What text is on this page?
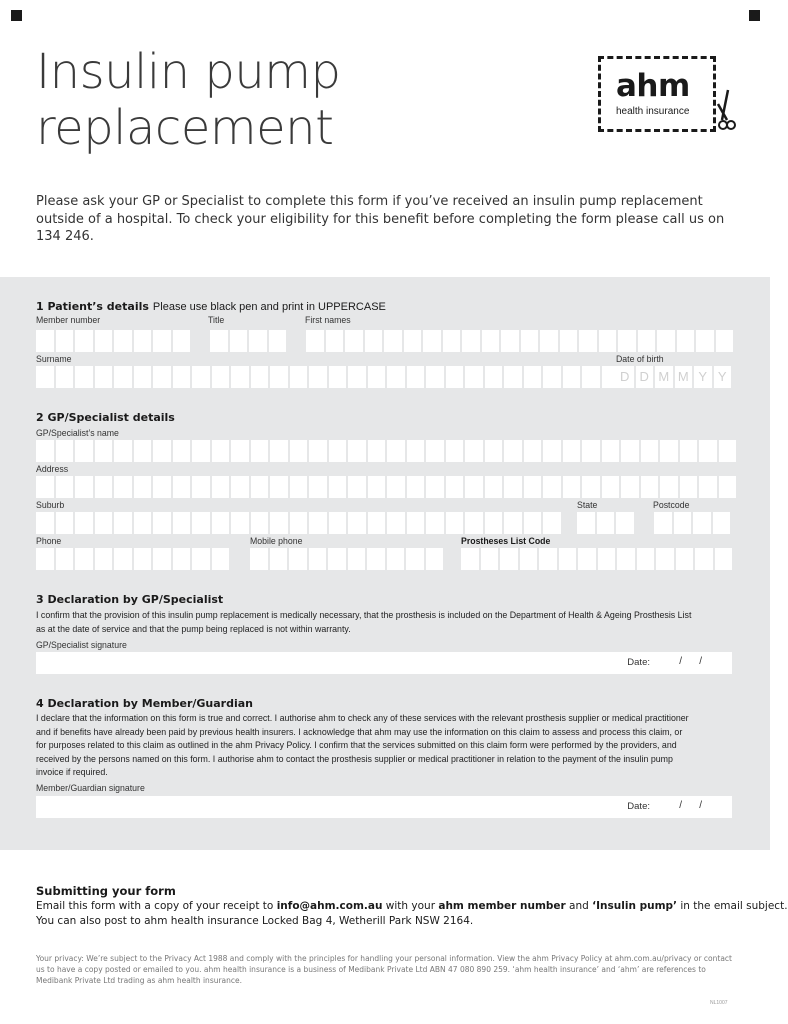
Insulin pump
replacement
ahm
health insurance
Please ask your GP or Specialist to complete this form if you’ve received an insulin pump replacement outside of a hospital. To check your eligibility for this benefit before completing the form please call us on 134 246.
1 Patient’s details Please use black pen and print in UPPERCASE
Member number	Title	First names
Surname	Date of birth
D D M M Y Y
2 GP/Specialist details
GP/Specialist’s name
Address
Suburb	State	Postcode
Phone	Mobile phone	Prostheses List Code
3 Declaration by GP/Specialist
I confirm that the provision of this insulin pump replacement is medically necessary, that the prosthesis is included on the Department of Health & Ageing Prosthesis List as at the date of service and that the pump being replaced is not within warranty.
GP/Specialist signature
Date:	/ /
4 Declaration by Member/Guardian
I declare that the information on this form is true and correct. I authorise ahm to check any of these services with the relevant prosthesis supplier or medical practitioner and if benefits have already been paid by previous health insurers. I acknowledge that ahm may use the information on this claim to assess and process this claim, or for purposes related to this claim as outlined in the ahm Privacy Policy. I confirm that the services submitted on this claim form were performed by the providers, and received by the persons named on this form. I authorise ahm to contact the prosthesis supplier or medical practitioner in relation to the payment of the insulin pump invoice if required.
Member/Guardian signature
Date:	/ /
Submitting your form
Email this form with a copy of your receipt to info@ahm.com.au with your ahm member number and ‘Insulin pump’ in the email subject.
You can also post to ahm health insurance Locked Bag 4, Wetherill Park NSW 2164.
Your privacy: We’re subject to the Privacy Act 1988 and comply with the principles for handling your personal information. View the ahm Privacy Policy at ahm.com.au/privacy or contact us to have a copy posted or emailed to you. ahm health insurance is a business of Medibank Private Ltd ABN 47 080 890 259. ‘ahm health insurance’ and ‘ahm’ are references to Medibank Private Ltd trading as ahm health insurance.
NL1007
